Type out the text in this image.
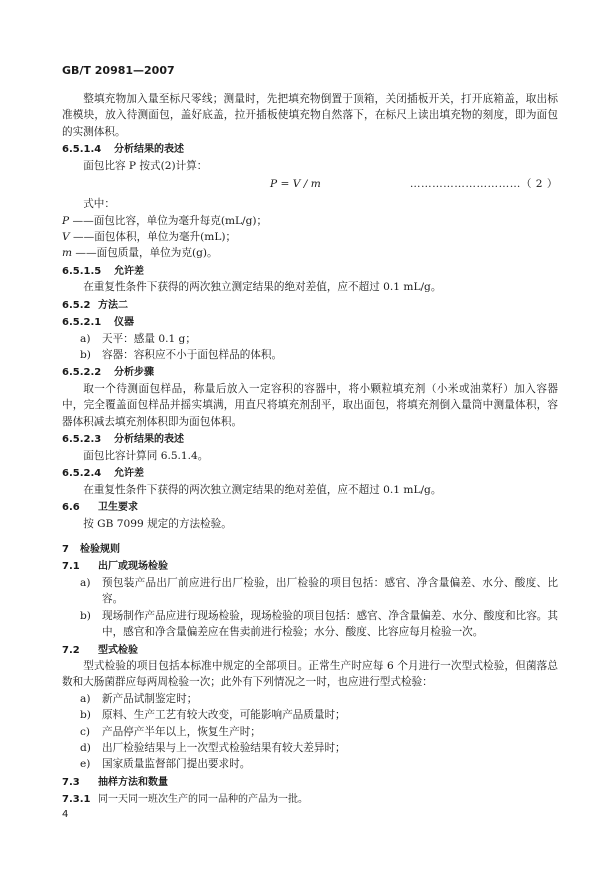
GB/T 20981—2007

整填充物加入量至标尺零线；测量时，先把填充物倒置于顶箱，关闭插板开关，打开底箱盖，取出标准模块，放入待测面包，盖好底盖，拉开插板使填充物自然落下，在标尺上读出填充物的刻度，即为面包的实测体积。

6.5.1.4 分析结果的表述

面包比容 P 按式(2)计算：

P = V / m	…………………………（ 2 ）

式中：

P ——面包比容，单位为毫升每克(mL/g)；

V ——面包体积，单位为毫升(mL)；

m ——面包质量，单位为克(g)。

6.5.1.5 允许差

在重复性条件下获得的两次独立测定结果的绝对差值，应不超过 0.1 mL/g。

6.5.2 方法二
6.5.2.1 仪器
a)	天平：感量 0.1 g；
b)	容器：容积应不小于面包样品的体积。
6.5.2.2 分析步骤

取一个待测面包样品，称量后放入一定容积的容器中，将小颗粒填充剂（小米或油菜籽）加入容器中，完全覆盖面包样品并摇实填满，用直尺将填充剂刮平，取出面包，将填充剂倒入量筒中测量体积，容器体积减去填充剂体积即为面包体积。

6.5.2.3 分析结果的表述

面包比容计算同 6.5.1.4。

6.5.2.4 允许差

在重复性条件下获得的两次独立测定结果的绝对差值，应不超过 0.1 mL/g。

6.6 卫生要求

按 GB 7099 规定的方法检验。

7 检验规则
7.1 出厂或现场检验
a)	预包装产品出厂前应进行出厂检验，出厂检验的项目包括：感官、净含量偏差、水分、酸度、比容。
b)	现场制作产品应进行现场检验，现场检验的项目包括：感官、净含量偏差、水分、酸度和比容。其中，感官和净含量偏差应在售卖前进行检验；水分、酸度、比容应每月检验一次。
7.2 型式检验

型式检验的项目包括本标准中规定的全部项目。正常生产时应每 6 个月进行一次型式检验，但菌落总数和大肠菌群应每两周检验一次；此外有下列情况之一时，也应进行型式检验：

a)	新产品试制鉴定时；
b)	原料、生产工艺有较大改变，可能影响产品质量时；
c)	产品停产半年以上，恢复生产时；
d)	出厂检验结果与上一次型式检验结果有较大差异时；
e)	国家质量监督部门提出要求时。
7.3 抽样方法和数量
7.3.1 同一天同一班次生产的同一品种的产品为一批。
4
